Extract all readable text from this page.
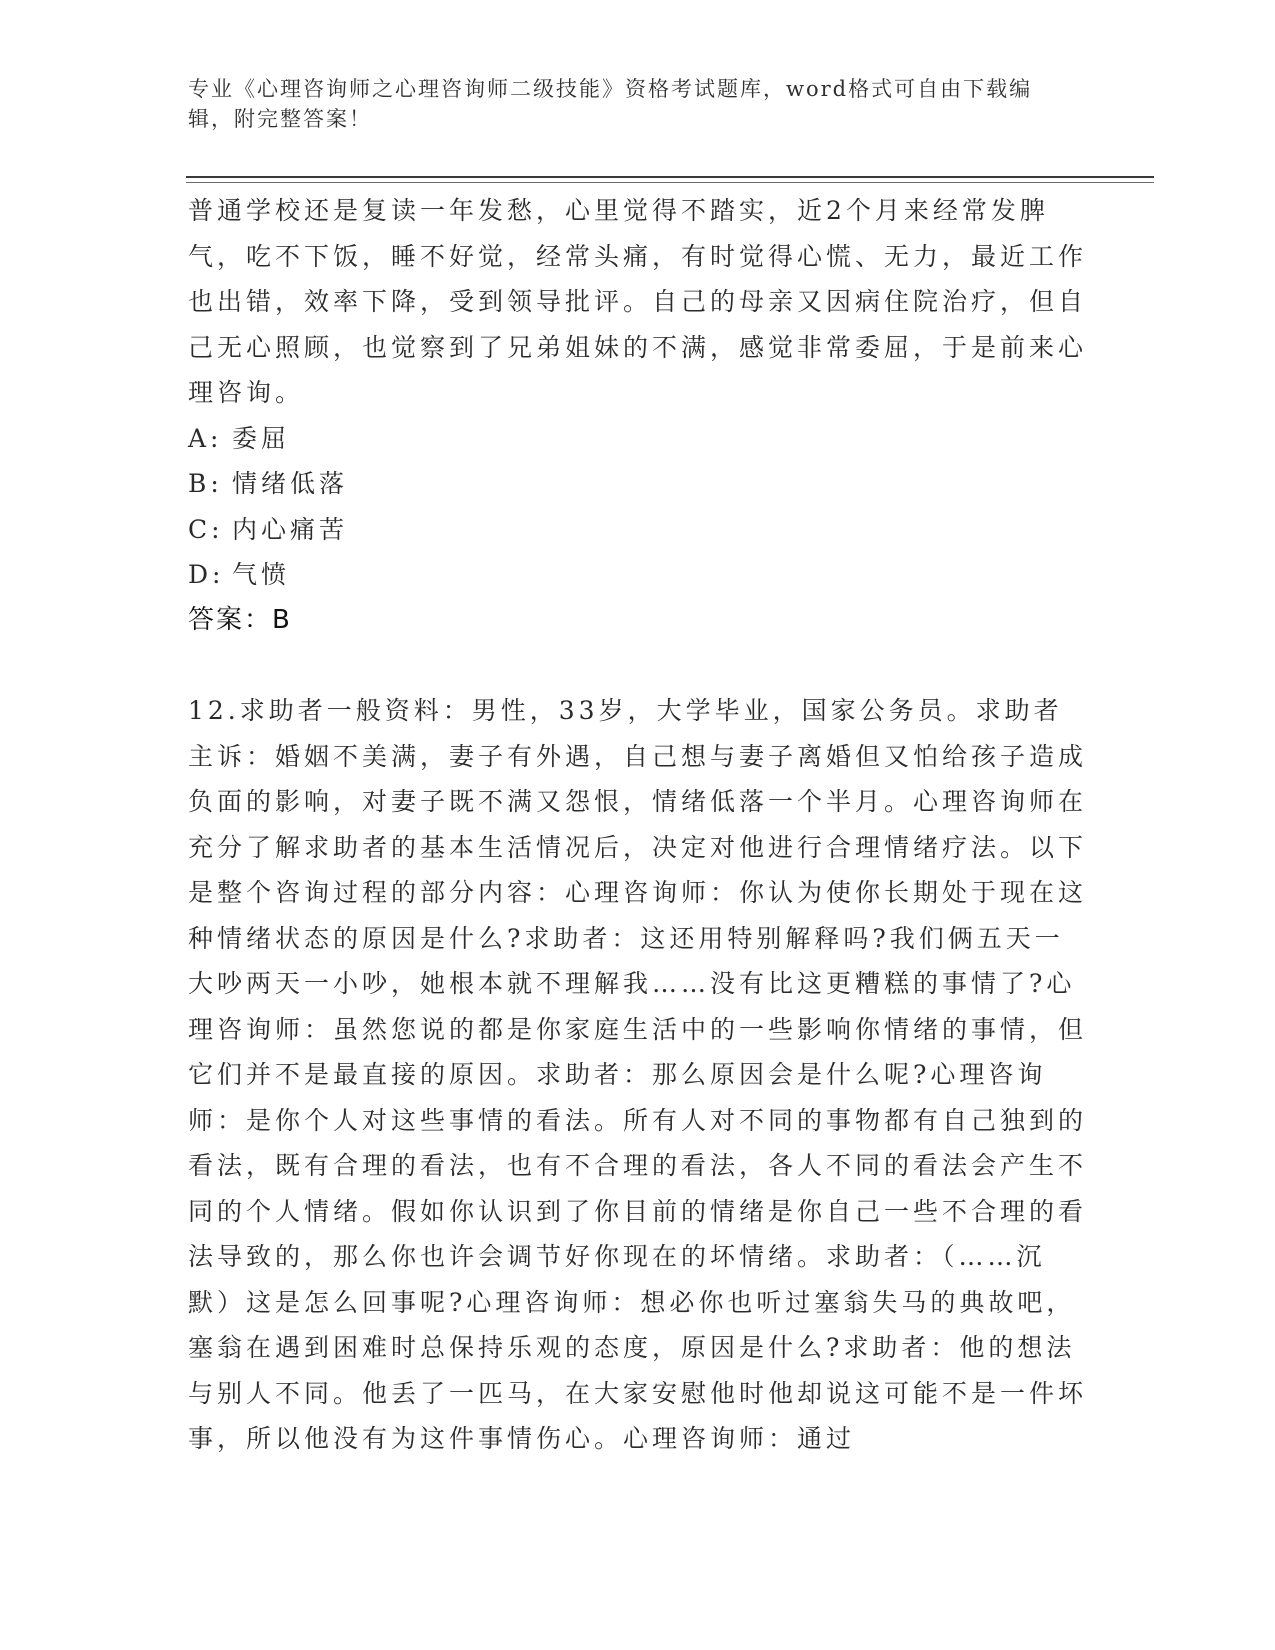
专业《心理咨询师之心理咨询师二级技能》资格考试题库，word格式可自由下载编辑，附完整答案！

普通学校还是复读一年发愁，心里觉得不踏实，近2个月来经常发脾气，吃不下饭，睡不好觉，经常头痛，有时觉得心慌、无力，最近工作也出错，效率下降，受到领导批评。自己的母亲又因病住院治疗，但自己无心照顾，也觉察到了兄弟姐妹的不满，感觉非常委屈，于是前来心理咨询。

A: 委屈
B: 情绪低落
C: 内心痛苦
D: 气愤

答案：B

12.求助者一般资料：男性，33岁，大学毕业，国家公务员。求助者主诉：婚姻不美满，妻子有外遇，自己想与妻子离婚但又怕给孩子造成负面的影响，对妻子既不满又怨恨，情绪低落一个半月。心理咨询师在充分了解求助者的基本生活情况后，决定对他进行合理情绪疗法。以下是整个咨询过程的部分内容：心理咨询师：你认为使你长期处于现在这种情绪状态的原因是什么?求助者：这还用特别解释吗?我们俩五天一大吵两天一小吵，她根本就不理解我……没有比这更糟糕的事情了?心理咨询师：虽然您说的都是你家庭生活中的一些影响你情绪的事情，但它们并不是最直接的原因。求助者：那么原因会是什么呢?心理咨询师：是你个人对这些事情的看法。所有人对不同的事物都有自己独到的看法，既有合理的看法，也有不合理的看法，各人不同的看法会产生不同的个人情绪。假如你认识到了你目前的情绪是你自己一些不合理的看法导致的，那么你也许会调节好你现在的坏情绪。求助者：（……沉默）这是怎么回事呢?心理咨询师：想必你也听过塞翁失马的典故吧，塞翁在遇到困难时总保持乐观的态度，原因是什么?求助者：他的想法与别人不同。他丢了一匹马，在大家安慰他时他却说这可能不是一件坏事，所以他没有为这件事情伤心。心理咨询师：通过
